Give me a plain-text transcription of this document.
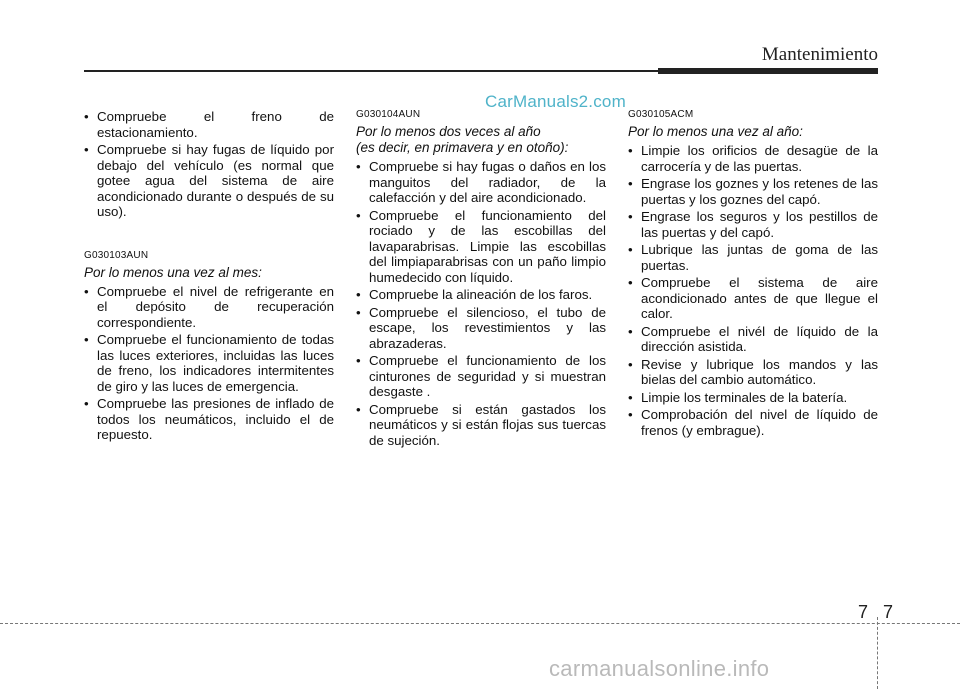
Mantenimiento
CarManuals2.com
• Compruebe el freno de estacionamiento.
• Compruebe si hay fugas de líquido por debajo del vehículo (es normal que gotee agua del sistema de aire acondicionado durante o después de su uso).
G030103AUN
Por lo menos una vez al mes:
• Compruebe el nivel de refrigerante en el depósito de recuperación correspondiente.
• Compruebe el funcionamiento de todas las luces exteriores, incluidas las luces de freno, los indicadores intermitentes de giro y las luces de emergencia.
• Compruebe las presiones de inflado de todos los neumáticos, incluido el de repuesto.
G030104AUN
Por lo menos dos veces al año
(es decir, en primavera y en otoño):
• Compruebe si hay fugas o daños en los manguitos del radiador, de la calefacción y del aire acondicionado.
• Compruebe el funcionamiento del rociado y de las escobillas del lavaparabrisas. Limpie las escobillas del limpiaparabrisas con un paño limpio humedecido con líquido.
• Compruebe la alineación de los faros.
• Compruebe el silencioso, el tubo de escape, los revestimientos y las abrazaderas.
• Compruebe el funcionamiento de los cinturones de seguridad y si muestran desgaste .
• Compruebe si están gastados los neumáticos y si están flojas sus tuercas de sujeción.
G030105ACM
Por lo menos una vez al año:
• Limpie los orificios de desagüe de la carrocería y de las puertas.
• Engrase los goznes y los retenes de las puertas y los goznes del capó.
• Engrase los seguros y los pestillos de las puertas y del capó.
• Lubrique las juntas de goma de las puertas.
• Compruebe el sistema de aire acondicionado antes de que llegue el calor.
• Compruebe el nivél de líquido de la dirección asistida.
• Revise y lubrique los mandos y las bielas del cambio automático.
• Limpie los terminales de la batería.
• Comprobación del nivel de líquido de frenos (y embrague).
7 7
carmanualsonline.info
